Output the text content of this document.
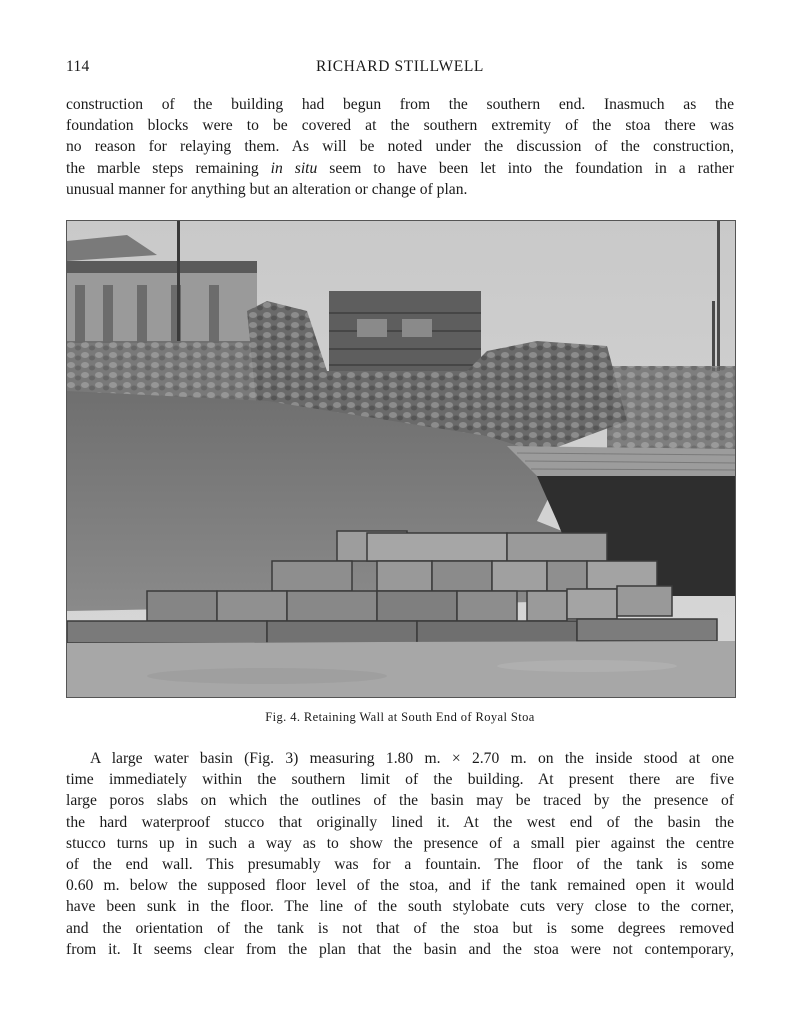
114	RICHARD STILLWELL
construction of the building had begun from the southern end. Inasmuch as the
foundation blocks were to be covered at the southern extremity of the stoa there was
no reason for relaying them. As will be noted under the discussion of the construction,
the marble steps remaining in situ seem to have been let into the foundation in a rather
unusual manner for anything but an alteration or change of plan.
Fig. 4. Retaining Wall at South End of Royal Stoa
A large water basin (Fig. 3) measuring 1.80 m. × 2.70 m. on the inside stood at one
time immediately within the southern limit of the building. At present there are five
large poros slabs on which the outlines of the basin may be traced by the presence of
the hard waterproof stucco that originally lined it. At the west end of the basin the
stucco turns up in such a way as to show the presence of a small pier against the centre
of the end wall. This presumably was for a fountain. The floor of the tank is some
0.60 m. below the supposed floor level of the stoa, and if the tank remained open it would
have been sunk in the floor. The line of the south stylobate cuts very close to the corner,
and the orientation of the tank is not that of the stoa but is some degrees removed
from it. It seems clear from the plan that the basin and the stoa were not contemporary,
